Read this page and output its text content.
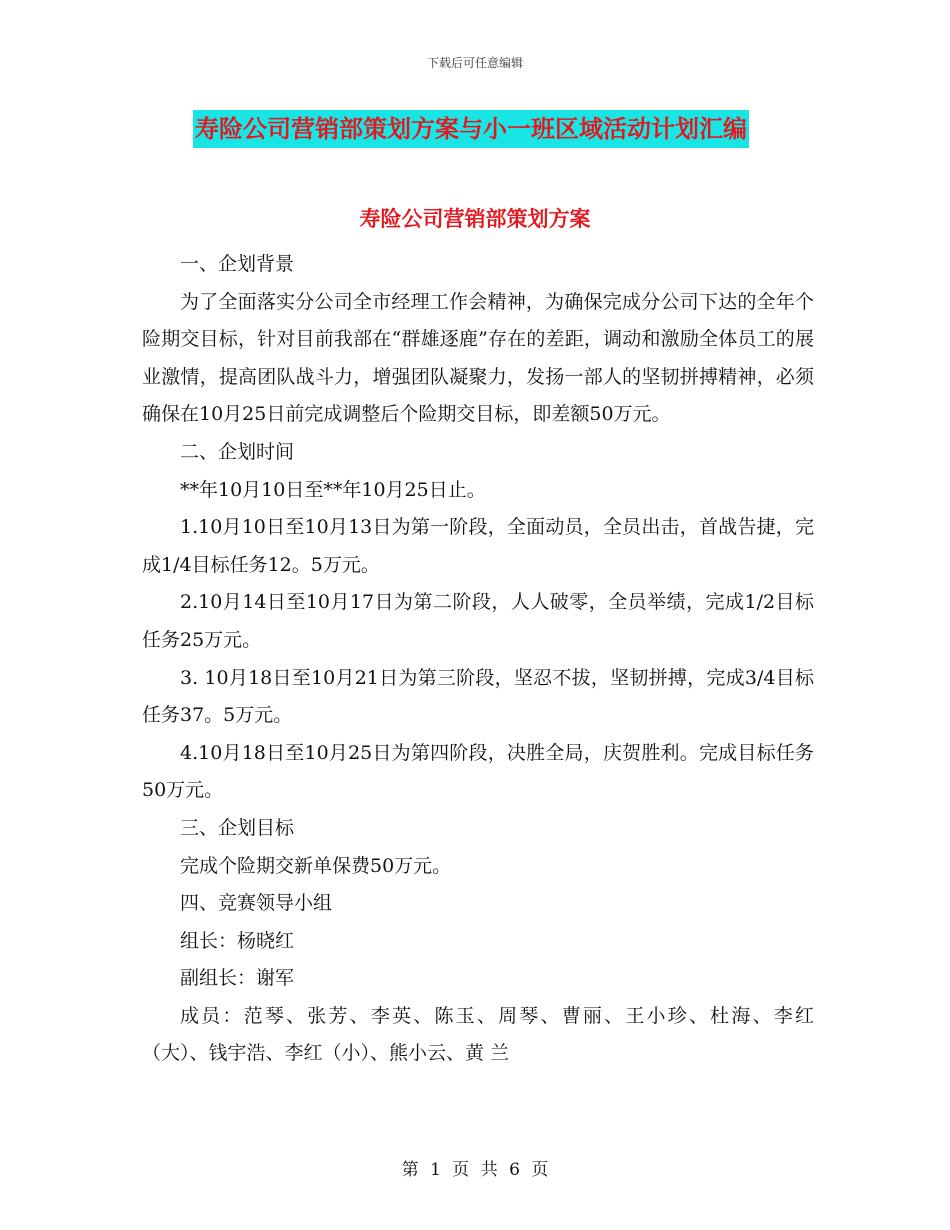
下载后可任意编辑
寿险公司营销部策划方案与小一班区域活动计划汇编
寿险公司营销部策划方案

一、企划背景

为了全面落实分公司全市经理工作会精神，为确保完成分公司下达的全年个险期交目标，针对目前我部在“群雄逐鹿”存在的差距，调动和激励全体员工的展业激情，提高团队战斗力，增强团队凝聚力，发扬一部人的坚韧拼搏精神，必须确保在10月25日前完成调整后个险期交目标，即差额50万元。

二、企划时间

**年10月10日至**年10月25日止。

1.10月10日至10月13日为第一阶段，全面动员，全员出击，首战告捷，完成1/4目标任务12。5万元。

2.10月14日至10月17日为第二阶段，人人破零，全员举绩，完成1/2目标任务25万元。

3. 10月18日至10月21日为第三阶段，坚忍不拔，坚韧拼搏，完成3/4目标任务37。5万元。

4.10月18日至10月25日为第四阶段，决胜全局，庆贺胜利。完成目标任务50万元。

三、企划目标

完成个险期交新单保费50万元。

四、竞赛领导小组

组长：杨晓红

副组长：谢军

成员：范琴、张芳、李英、陈玉、周琴、曹丽、王小珍、杜海、李红（大）、钱宇浩、李红（小）、熊小云、黄 兰

第 1 页 共 6 页
